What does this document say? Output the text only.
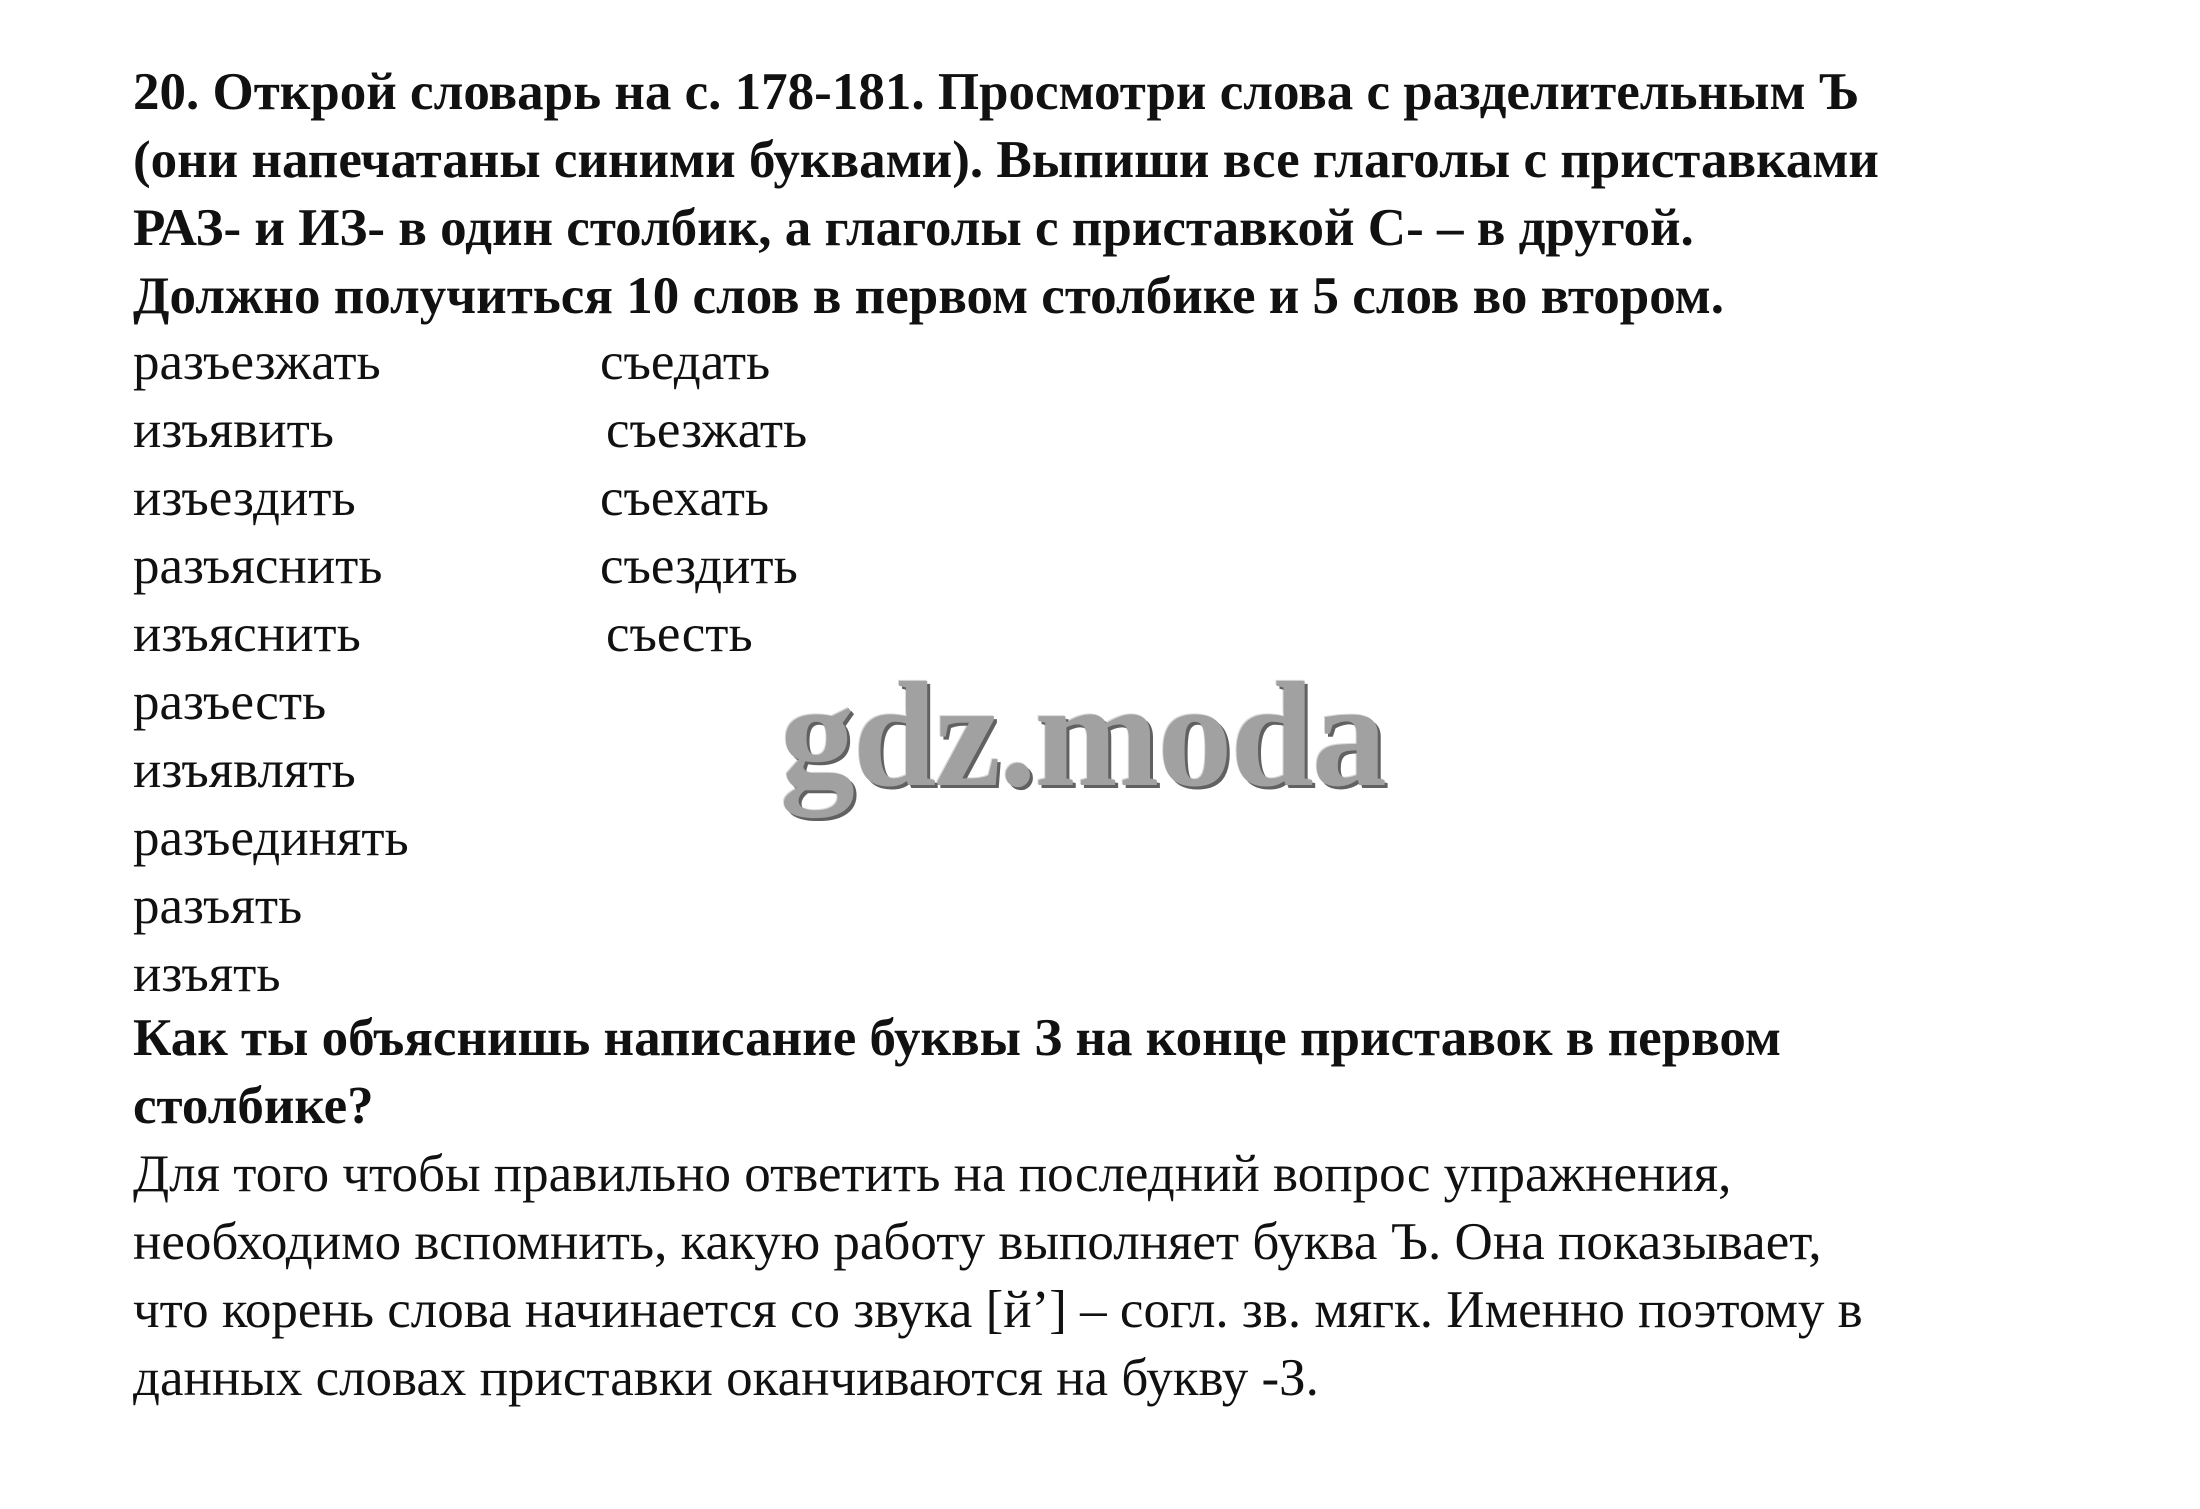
20. Открой словарь на с. 178-181. Просмотри слова с разделительным Ъ
(они напечатаны синими буквами). Выпиши все глаголы с приставками
РАЗ- и ИЗ- в один столбик, а глаголы с приставкой С- – в другой.
Должно получиться 10 слов в первом столбике и 5 слов во втором.
разъезжать
изъявить
изъездить
разъяснить
изъяснить
разъесть
изъявлять
разъединять
разъять
изъять
съедать
съезжать
съехать
съездить
съесть
gdz.moda
Как ты объяснишь написание буквы З на конце приставок в первом
столбике?
Для того чтобы правильно ответить на последний вопрос упражнения,
необходимо вспомнить, какую работу выполняет буква Ъ. Она показывает,
что корень слова начинается со звука [й’] – согл. зв. мягк. Именно поэтому в
данных словах приставки оканчиваются на букву -З.
